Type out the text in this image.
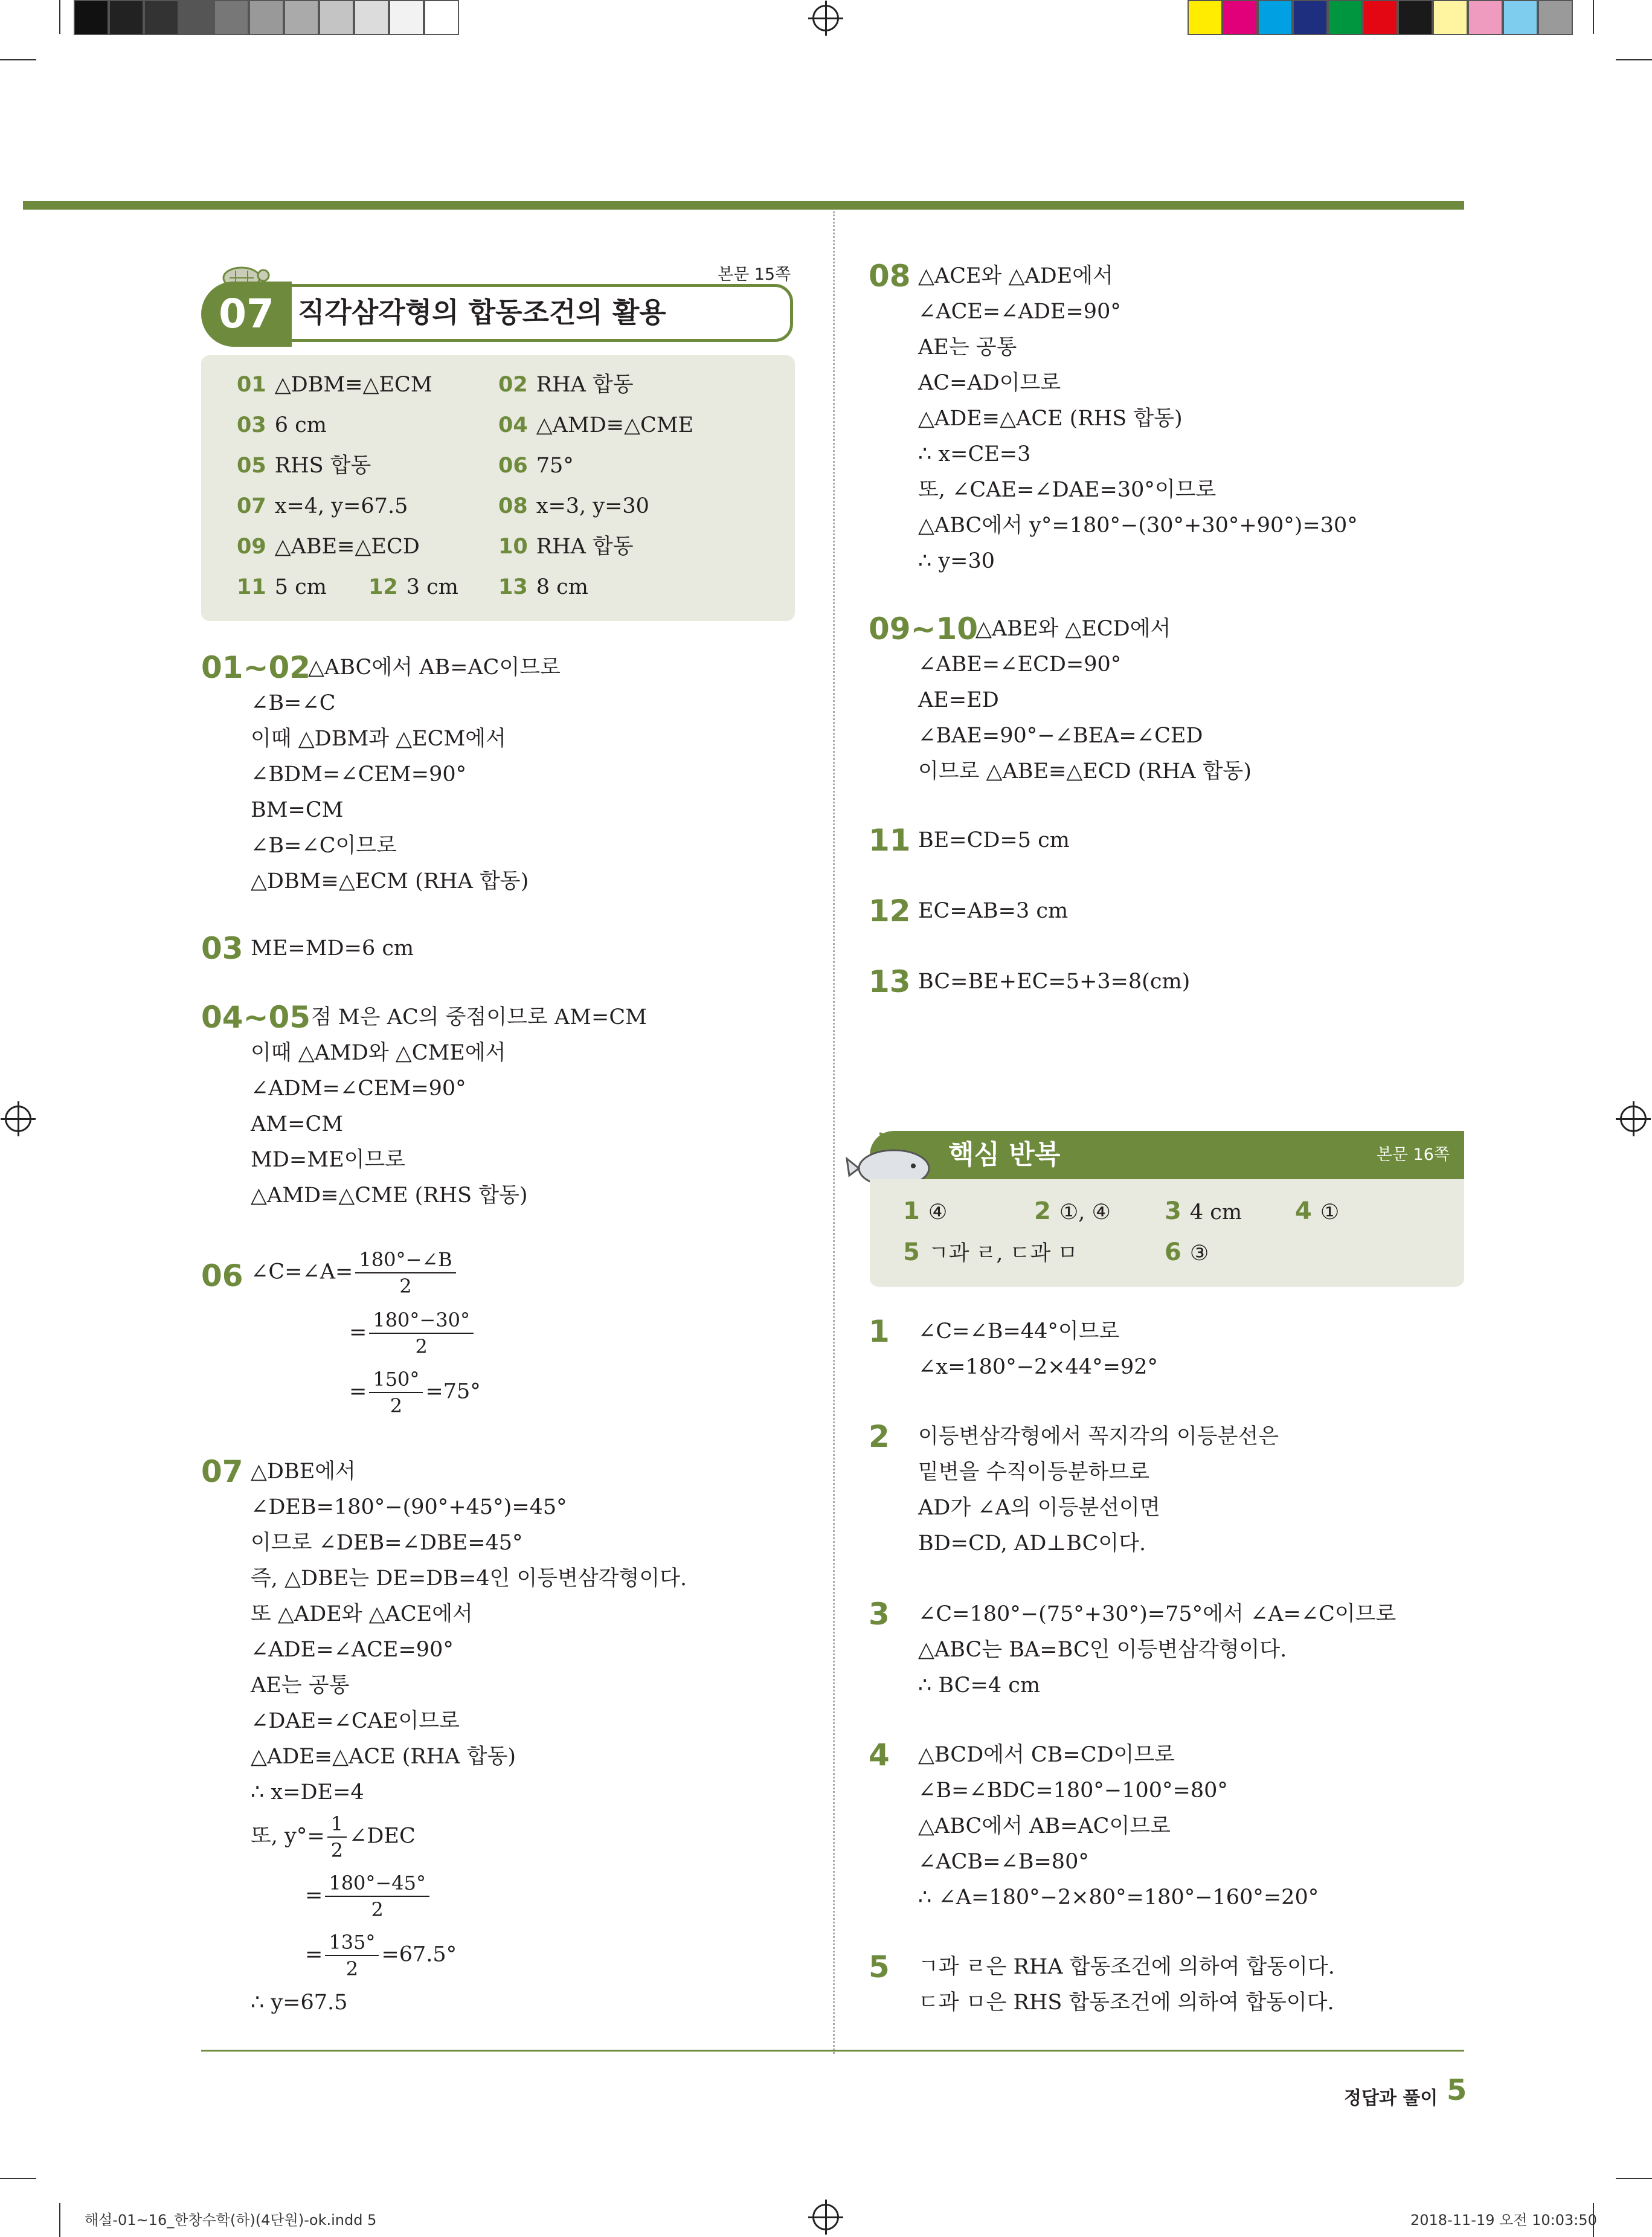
본문 15쪽
07 직각삼각형의 합동조건의 활용
01 △DBM≡△ECM	02 RHA 합동
03 6 cm	04 △AMD≡△CME
05 RHS 합동	06 75°
07 x=4, y=67.5	08 x=3, y=30
09 △ABE≡△ECD	10 RHA 합동
11 5 cm 12 3 cm 13 8 cm
01~02
△ABC에서 AB=AC이므로
∠B=∠C
이때 △DBM과 △ECM에서
∠BDM=∠CEM=90°
BM=CM
∠B=∠C이므로
△DBM≡△ECM (RHA 합동)
03 ME=MD=6 cm
04~05 점 M은 AC의 중점이므로 AM=CM
이때 △AMD와 △CME에서
∠ADM=∠CEM=90°
AM=CM
MD=ME이므로
△AMD≡△CME (RHS 합동)
06 ∠C=∠A= $\frac{180^\circ-\angle B}{2}$
= $\frac{180^\circ-30^\circ}{2}$
= $\frac{150^\circ}{2} =75^\circ$
07 △DBE에서
∠DEB=180°−(90°+45°)=45°
이므로 ∠DEB=∠DBE=45°
즉, △DBE는 DE=DB=4인 이등변삼각형이다.
또 △ADE와 △ACE에서
∠ADE=∠ACE=90°
AE는 공통
∠DAE=∠CAE이므로
△ADE≡△ACE (RHA 합동)
∴ x=DE=4
또, $y^\circ= \frac{1}{2}$ ∠DEC
= $\frac{180^\circ-45^\circ}{2}$
= $\frac{135^\circ}{2} =67.5^\circ$
∴ y=67.5
08 △ACE와 △ADE에서
∠ACE=∠ADE=90°
AE는 공통
AC=AD이므로
△ADE≡△ACE (RHS 합동)
∴ x=CE=3
또, ∠CAE=∠DAE=30°이므로
△ABC에서 y°=180°−(30°+30°+90°)=30°
∴ y=30
09~10
△ABE와 △ECD에서
∠ABE=∠ECD=90°
AE=ED
∠BAE=90°−∠BEA=∠CED
이므로 △ABE≡△ECD (RHA 합동)
11 BE=CD=5 cm
12 EC=AB=3 cm
13 BC=BE+EC=5+3=8(cm)
핵심 반복	본문 16쪽
1 ④	2 ①, ④ 3 4 cm 4 ①
5 ㄱ과 ㄹ, ㄷ과 ㅁ	6 ③
1 ∠C=∠B=44°이므로
∠x=180°−2×44°=92°
2 이등변삼각형에서 꼭지각의 이등분선은
밑변을 수직이등분하므로
AD가 ∠A의 이등분선이면
BD=CD, AD⊥BC이다.
3 ∠C=180°−(75°+30°)=75°에서 ∠A=∠C이므로
△ABC는 BA=BC인 이등변삼각형이다.
∴ BC=4 cm
4 △BCD에서 CB=CD이므로
∠B=∠BDC=180°−100°=80°
△ABC에서 AB=AC이므로
∠ACB=∠B=80°
∴ ∠A=180°−2×80°=180°−160°=20°
5 ㄱ과 ㄹ은 RHA 합동조건에 의하여 합동이다.
ㄷ과 ㅁ은 RHS 합동조건에 의하여 합동이다.
정답과 풀이 5
해설-01~16_한창수학(하)(4단원)-ok.indd 5	2018-11-19 오전 10:03:50
